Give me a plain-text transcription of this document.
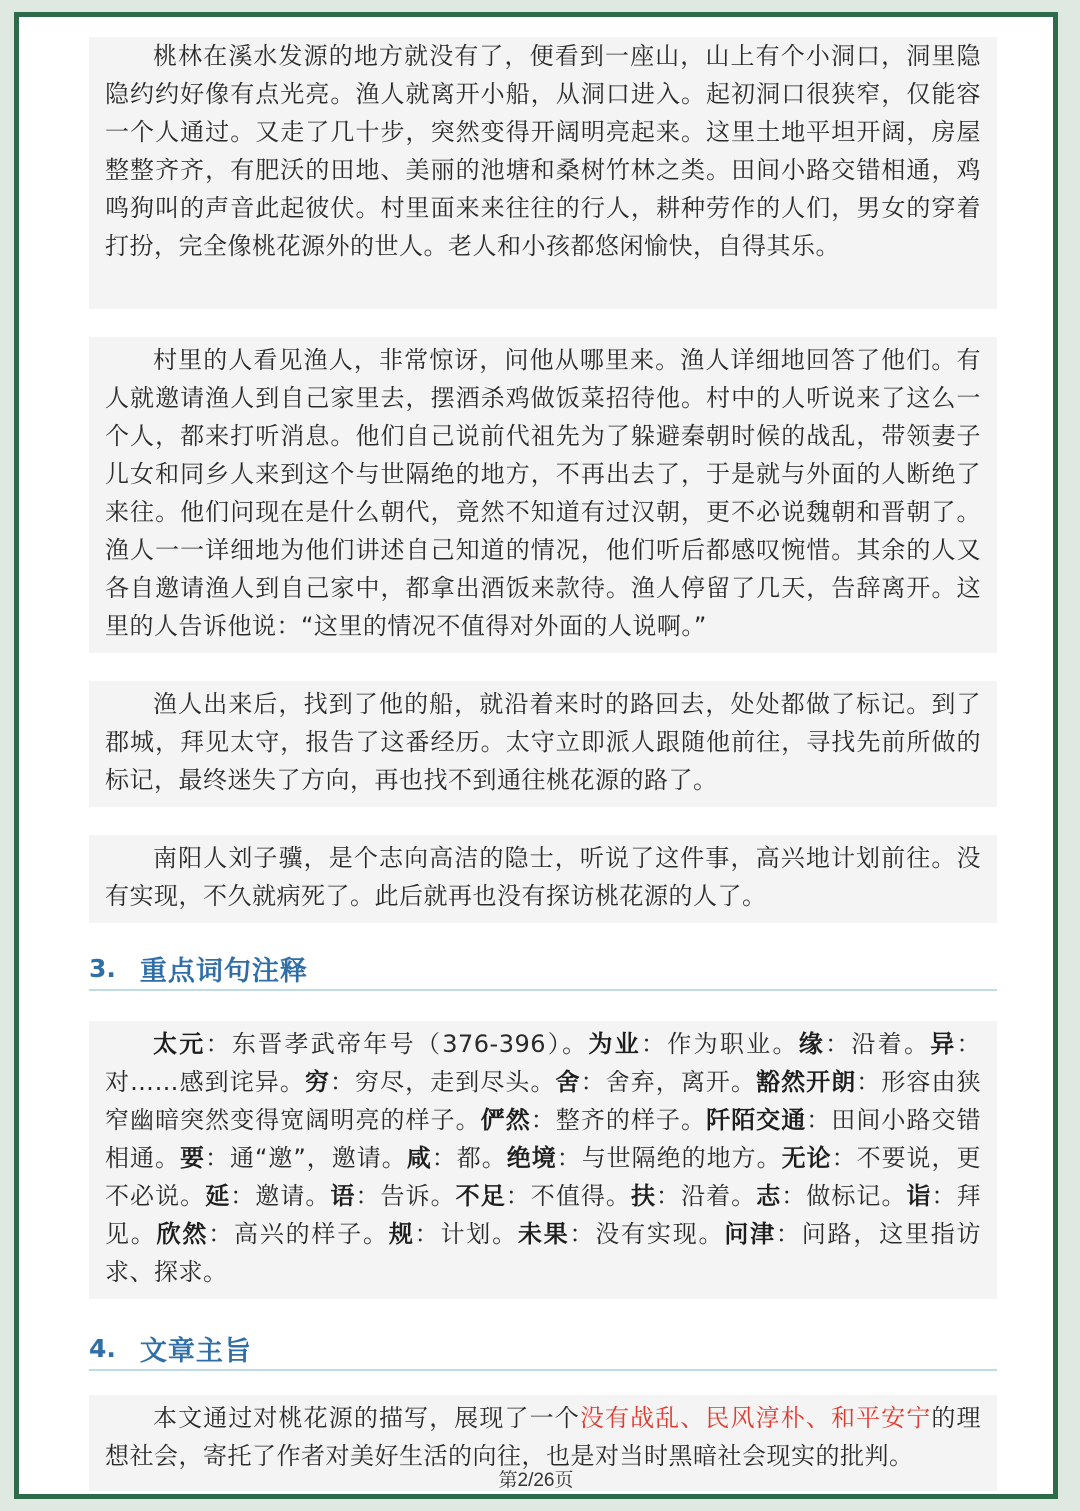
桃林在溪水发源的地方就没有了，便看到一座山，山上有个小洞口，洞里隐隐约约好像有点光亮。渔人就离开小船，从洞口进入。起初洞口很狭窄，仅能容一个人通过。又走了几十步，突然变得开阔明亮起来。这里土地平坦开阔，房屋整整齐齐，有肥沃的田地、美丽的池塘和桑树竹林之类。田间小路交错相通，鸡鸣狗叫的声音此起彼伏。村里面来来往往的行人，耕种劳作的人们，男女的穿着打扮，完全像桃花源外的世人。老人和小孩都悠闲愉快，自得其乐。

村里的人看见渔人，非常惊讶，问他从哪里来。渔人详细地回答了他们。有人就邀请渔人到自己家里去，摆酒杀鸡做饭菜招待他。村中的人听说来了这么一个人，都来打听消息。他们自己说前代祖先为了躲避秦朝时候的战乱，带领妻子儿女和同乡人来到这个与世隔绝的地方，不再出去了，于是就与外面的人断绝了来往。他们问现在是什么朝代，竟然不知道有过汉朝，更不必说魏朝和晋朝了。渔人一一详细地为他们讲述自己知道的情况，他们听后都感叹惋惜。其余的人又各自邀请渔人到自己家中，都拿出酒饭来款待。渔人停留了几天，告辞离开。这里的人告诉他说：“这里的情况不值得对外面的人说啊。”

渔人出来后，找到了他的船，就沿着来时的路回去，处处都做了标记。到了郡城，拜见太守，报告了这番经历。太守立即派人跟随他前往，寻找先前所做的标记，最终迷失了方向，再也找不到通往桃花源的路了。

南阳人刘子骥，是个志向高洁的隐士，听说了这件事，高兴地计划前往。没有实现，不久就病死了。此后就再也没有探访桃花源的人了。

3. 重点词句注释

太元：东晋孝武帝年号（376-396）。为业：作为职业。缘：沿着。异：对……感到诧异。穷：穷尽，走到尽头。舍：舍弃，离开。豁然开朗：形容由狭窄幽暗突然变得宽阔明亮的样子。俨然：整齐的样子。阡陌交通：田间小路交错相通。要：通“邀”，邀请。咸：都。绝境：与世隔绝的地方。无论：不要说，更不必说。延：邀请。语：告诉。不足：不值得。扶：沿着。志：做标记。诣：拜见。欣然：高兴的样子。规：计划。未果：没有实现。问津：问路，这里指访求、探求。

4. 文章主旨

本文通过对桃花源的描写，展现了一个没有战乱、民风淳朴、和平安宁的理想社会，寄托了作者对美好生活的向往，也是对当时黑暗社会现实的批判。

第2/26页
